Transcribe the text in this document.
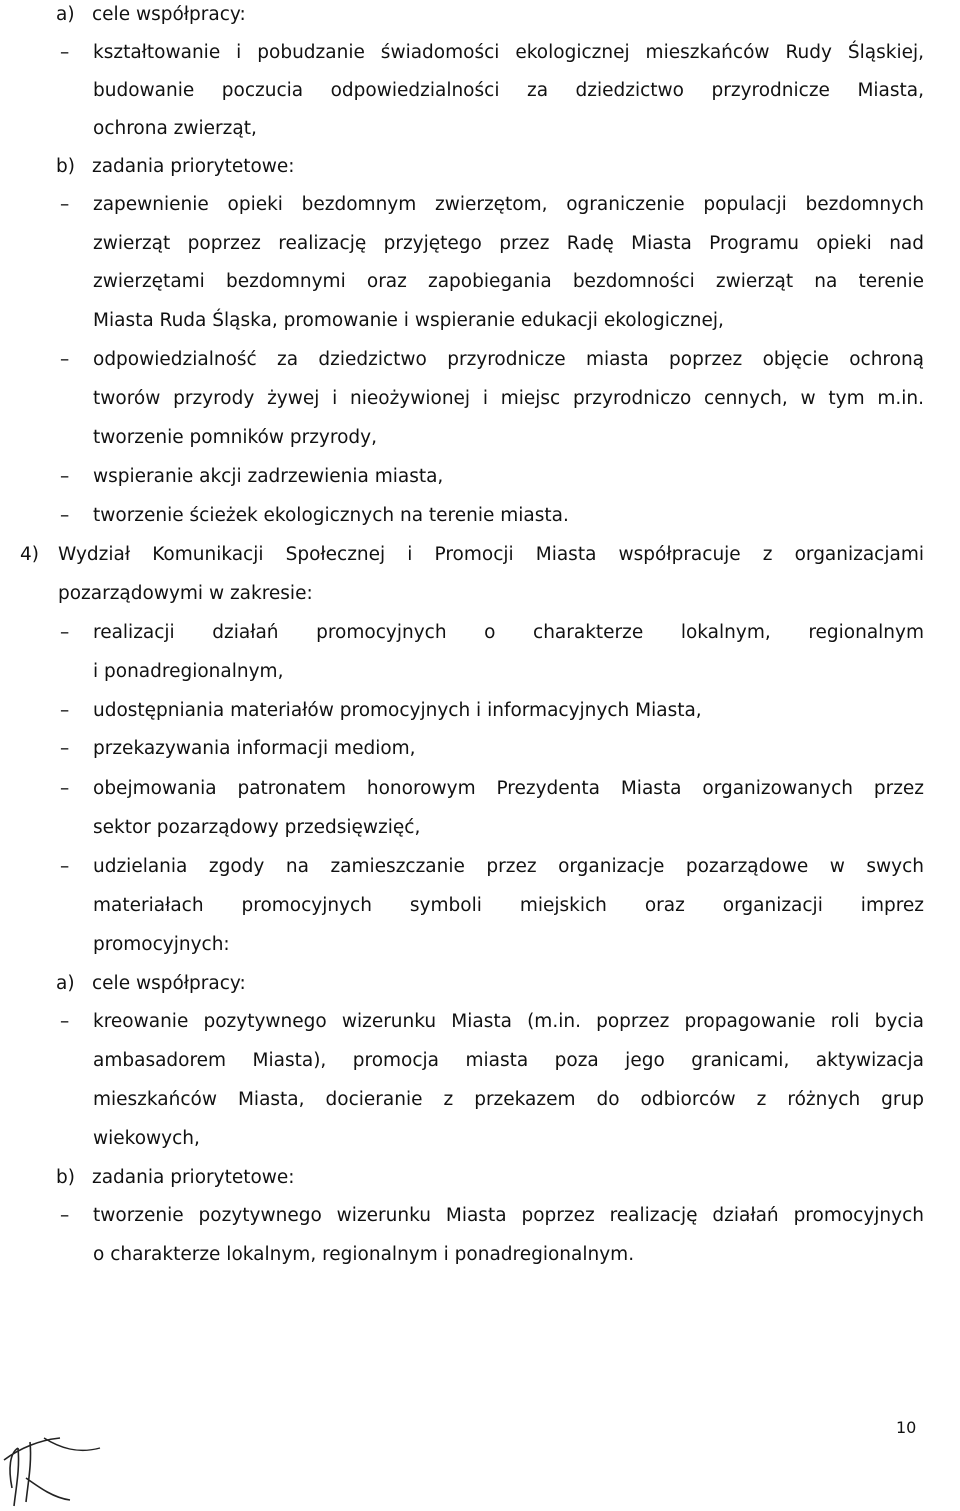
a) cele współpracy:
– kształtowanie i pobudzanie świadomości ekologicznej mieszkańców Rudy Śląskiej,
budowanie poczucia odpowiedzialności za dziedzictwo przyrodnicze Miasta,
ochrona zwierząt,
b) zadania priorytetowe:
– zapewnienie opieki bezdomnym zwierzętom, ograniczenie populacji bezdomnych
zwierząt poprzez realizację przyjętego przez Radę Miasta Programu opieki nad
zwierzętami bezdomnymi oraz zapobiegania bezdomności zwierząt na terenie
Miasta Ruda Śląska, promowanie i wspieranie edukacji ekologicznej,
– odpowiedzialność za dziedzictwo przyrodnicze miasta poprzez objęcie ochroną
tworów przyrody żywej i nieożywionej i miejsc przyrodniczo cennych, w tym m.in.
tworzenie pomników przyrody,
– wspieranie akcji zadrzewienia miasta,
– tworzenie ścieżek ekologicznych na terenie miasta.
4) Wydział Komunikacji Społecznej i Promocji Miasta współpracuje z organizacjami
pozarządowymi w zakresie:
– realizacji działań promocyjnych o charakterze lokalnym, regionalnym
i ponadregionalnym,
– udostępniania materiałów promocyjnych i informacyjnych Miasta,
– przekazywania informacji mediom,
– obejmowania patronatem honorowym Prezydenta Miasta organizowanych przez
sektor pozarządowy przedsięwzięć,
– udzielania zgody na zamieszczanie przez organizacje pozarządowe w swych
materiałach promocyjnych symboli miejskich oraz organizacji imprez
promocyjnych:
a) cele współpracy:
– kreowanie pozytywnego wizerunku Miasta (m.in. poprzez propagowanie roli bycia
ambasadorem Miasta), promocja miasta poza jego granicami, aktywizacja
mieszkańców Miasta, docieranie z przekazem do odbiorców z różnych grup
wiekowych,
b) zadania priorytetowe:
– tworzenie pozytywnego wizerunku Miasta poprzez realizację działań promocyjnych
o charakterze lokalnym, regionalnym i ponadregionalnym.
10
